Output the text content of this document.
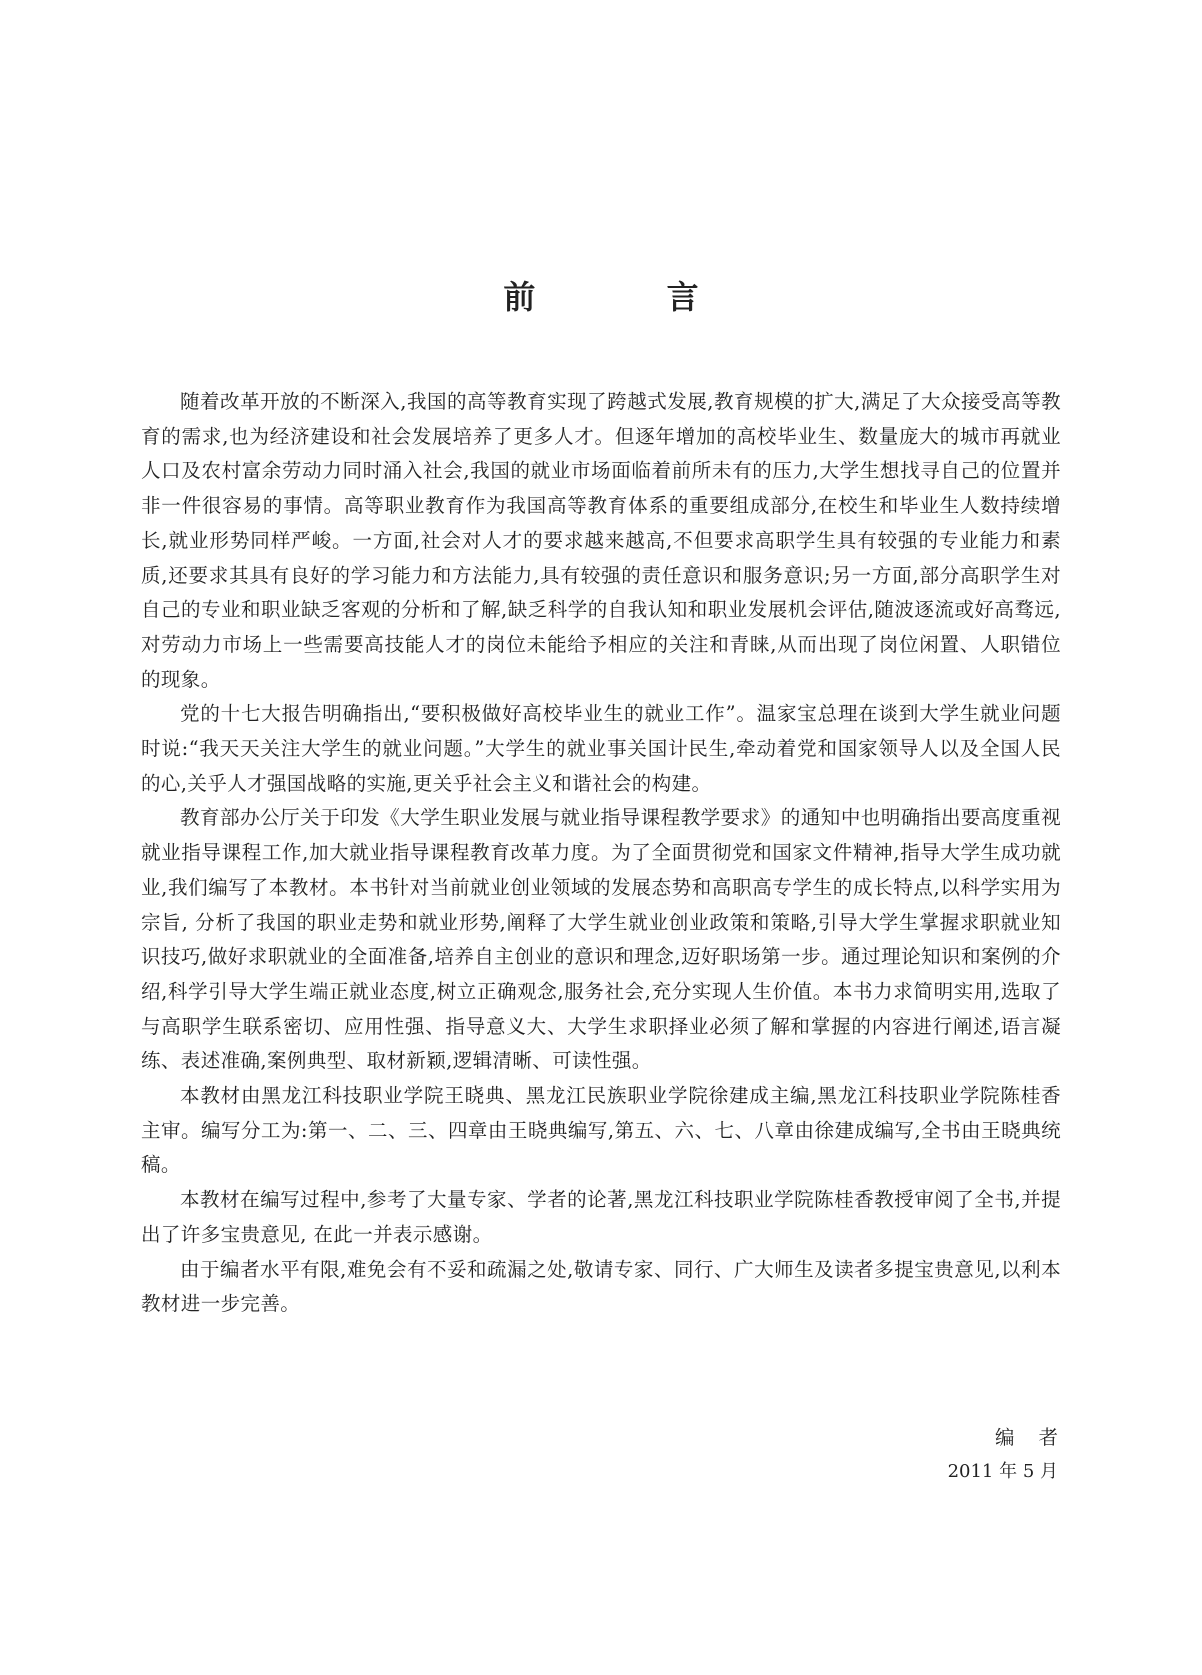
前 言

随着改革开放的不断深入,我国的高等教育实现了跨越式发展,教育规模的扩大,满足了大众接受高等教育的需求,也为经济建设和社会发展培养了更多人才。但逐年增加的高校毕业生、数量庞大的城市再就业人口及农村富余劳动力同时涌入社会,我国的就业市场面临着前所未有的压力,大学生想找寻自己的位置并非一件很容易的事情。高等职业教育作为我国高等教育体系的重要组成部分,在校生和毕业生人数持续增长,就业形势同样严峻。一方面,社会对人才的要求越来越高,不但要求高职学生具有较强的专业能力和素质,还要求其具有良好的学习能力和方法能力,具有较强的责任意识和服务意识;另一方面,部分高职学生对自己的专业和职业缺乏客观的分析和了解,缺乏科学的自我认知和职业发展机会评估,随波逐流或好高骛远,对劳动力市场上一些需要高技能人才的岗位未能给予相应的关注和青睐,从而出现了岗位闲置、人职错位的现象。

党的十七大报告明确指出,“要积极做好高校毕业生的就业工作”。温家宝总理在谈到大学生就业问题时说:“我天天关注大学生的就业问题。”大学生的就业事关国计民生,牵动着党和国家领导人以及全国人民的心,关乎人才强国战略的实施,更关乎社会主义和谐社会的构建。

教育部办公厅关于印发《大学生职业发展与就业指导课程教学要求》的通知中也明确指出要高度重视就业指导课程工作,加大就业指导课程教育改革力度。为了全面贯彻党和国家文件精神,指导大学生成功就业,我们编写了本教材。本书针对当前就业创业领域的发展态势和高职高专学生的成长特点,以科学实用为宗旨, 分析了我国的职业走势和就业形势,阐释了大学生就业创业政策和策略,引导大学生掌握求职就业知识技巧,做好求职就业的全面准备,培养自主创业的意识和理念,迈好职场第一步。通过理论知识和案例的介绍,科学引导大学生端正就业态度,树立正确观念,服务社会,充分实现人生价值。本书力求简明实用,选取了与高职学生联系密切、应用性强、指导意义大、大学生求职择业必须了解和掌握的内容进行阐述,语言凝练、表述准确,案例典型、取材新颖,逻辑清晰、可读性强。

本教材由黑龙江科技职业学院王晓典、黑龙江民族职业学院徐建成主编,黑龙江科技职业学院陈桂香主审。编写分工为:第一、二、三、四章由王晓典编写,第五、六、七、八章由徐建成编写,全书由王晓典统稿。

本教材在编写过程中,参考了大量专家、学者的论著,黑龙江科技职业学院陈桂香教授审阅了全书,并提出了许多宝贵意见, 在此一并表示感谢。

由于编者水平有限,难免会有不妥和疏漏之处,敬请专家、同行、广大师生及读者多提宝贵意见,以利本教材进一步完善。

编者
2011 年 5 月
